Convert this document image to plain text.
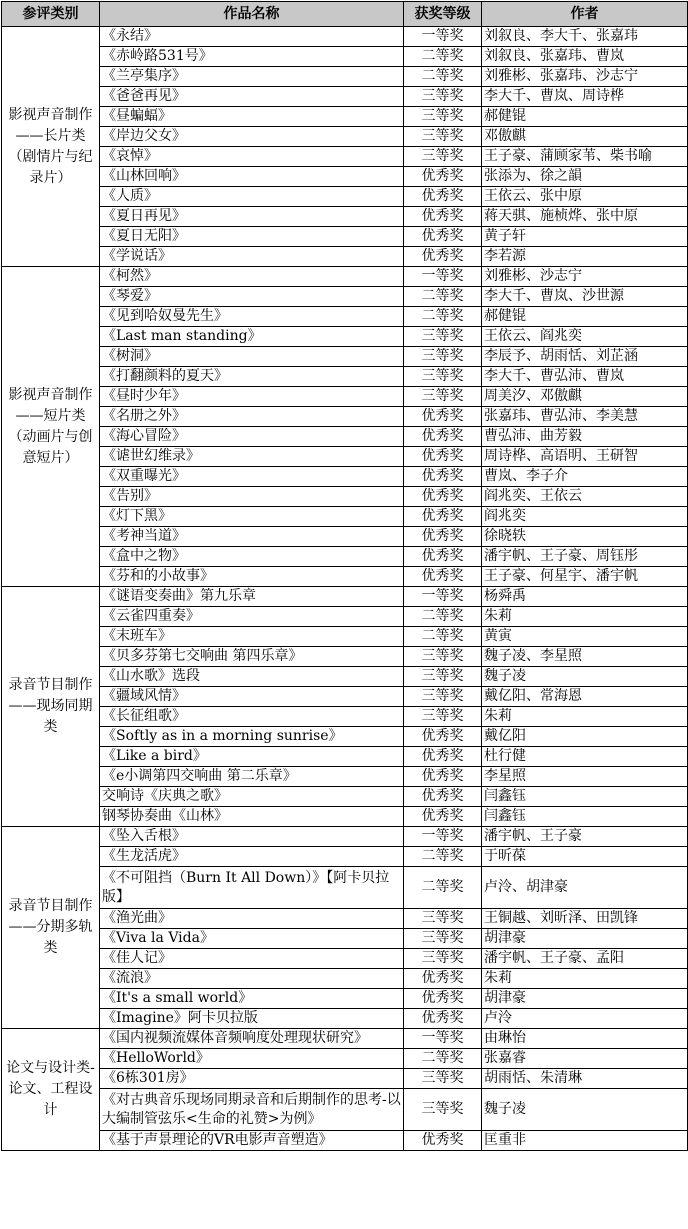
参评类别	作品名称	获奖等级	作者
影视声音制作——长片类（剧情片与纪录片）	《永结》	一等奖	刘叙良、李大千、张嘉玮
	《赤岭路531号》	二等奖	刘叙良、张嘉玮、曹岚
	《兰亭集序》	二等奖	刘雅彬、张嘉玮、沙志宁
	《爸爸再见》	三等奖	李大千、曹岚、周诗桦
	《昼蝙蝠》	三等奖	郝健锟
	《岸边父女》	三等奖	邓傲麒
	《哀悼》	三等奖	王子豪、蒲顾家苇、柴书喻
	《山林回响》	优秀奖	张添为、徐之韻
	《人质》	优秀奖	王依云、张中原
	《夏日再见》	优秀奖	蒋天骐、施桢烨、张中原
	《夏日无阳》	优秀奖	黄子轩
	《学说话》	优秀奖	李若源
影视声音制作——短片类（动画片与创意短片）	《柯然》	一等奖	刘雅彬、沙志宁
	《琴爱》	二等奖	李大千、曹岚、沙世源
	《见到哈奴曼先生》	二等奖	郝健锟
	《Last man standing》	三等奖	王依云、阎兆奕
	《树洞》	三等奖	李辰予、胡雨恬、刘芷涵
	《打翻颜料的夏天》	三等奖	李大千、曹弘沛、曹岚
	《昼时少年》	三等奖	周美汐、邓傲麒
	《名册之外》	优秀奖	张嘉玮、曹弘沛、李美慧
	《海心冒险》	优秀奖	曹弘沛、曲芳毅
	《谑世幻维录》	优秀奖	周诗桦、高语明、王研智
	《双重曝光》	优秀奖	曹岚、李子介
	《告别》	优秀奖	阎兆奕、王依云
	《灯下黑》	优秀奖	阎兆奕
	《考神当道》	优秀奖	徐晓轶
	《盒中之物》	优秀奖	潘宇帆、王子豪、周钰彤
	《芬和的小故事》	优秀奖	王子豪、何星宇、潘宇帆
录音节目制作——现场同期类	《谜语变奏曲》第九乐章	一等奖	杨舜禹
	《云雀四重奏》	二等奖	朱莉
	《末班车》	二等奖	黄寅
	《贝多芬第七交响曲 第四乐章》	三等奖	魏子凌、李星照
	《山水歌》选段	三等奖	魏子凌
	《疆域风情》	三等奖	戴亿阳、常海恩
	《长征组歌》	三等奖	朱莉
	《Softly as in a morning sunrise》	优秀奖	戴亿阳
	《Like a bird》	优秀奖	杜行健
	《e小调第四交响曲 第二乐章》	优秀奖	李星照
	交响诗《庆典之歌》	优秀奖	闫鑫钰
	钢琴协奏曲《山林》	优秀奖	闫鑫钰
录音节目制作——分期多轨类	《坠入舌根》	一等奖	潘宇帆、王子豪
	《生龙活虎》	二等奖	于昕葆
	《不可阻挡（Burn It All Down）》【阿卡贝拉版】	二等奖	卢泠、胡津豪
	《渔光曲》	三等奖	王铜越、刘昕泽、田凯锋
	《Viva la Vida》	三等奖	胡津豪
	《佳人记》	三等奖	潘宇帆、王子豪、孟阳
	《流浪》	优秀奖	朱莉
	《It's a small world》	优秀奖	胡津豪
	《Imagine》阿卡贝拉版	优秀奖	卢泠
论文与设计类-论文、工程设计	《国内视频流媒体音频响度处理现状研究》	一等奖	由琳怡
	《HelloWorld》	二等奖	张嘉睿
	《6栋301房》	三等奖	胡雨恬、朱清琳
	《对古典音乐现场同期录音和后期制作的思考-以大编制管弦乐<生命的礼赞>为例》	三等奖	魏子凌
	《基于声景理论的VR电影声音塑造》	优秀奖	匡重非
